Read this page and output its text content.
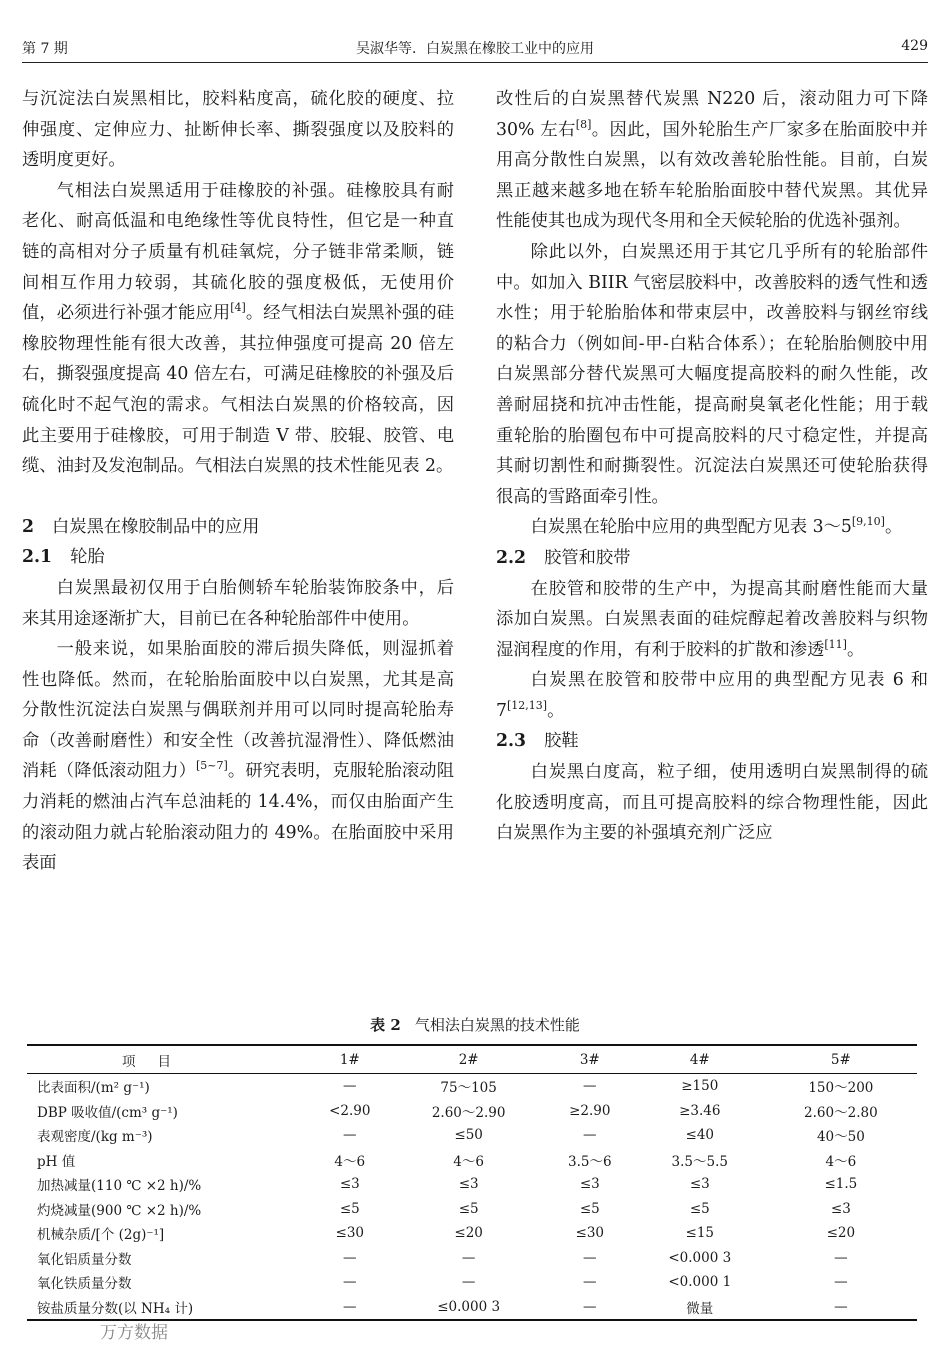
第 7 期	吴淑华等．白炭黑在橡胶工业中的应用	429

与沉淀法白炭黑相比，胶料粘度高，硫化胶的硬度、拉伸强度、定伸应力、扯断伸长率、撕裂强度以及胶料的透明度更好。

气相法白炭黑适用于硅橡胶的补强。硅橡胶具有耐老化、耐高低温和电绝缘性等优良特性，但它是一种直链的高相对分子质量有机硅氧烷，分子链非常柔顺，链间相互作用力较弱，其硫化胶的强度极低，无使用价值，必须进行补强才能应用[4]。经气相法白炭黑补强的硅橡胶物理性能有很大改善，其拉伸强度可提高 20 倍左右，撕裂强度提高 40 倍左右，可满足硅橡胶的补强及后硫化时不起气泡的需求。气相法白炭黑的价格较高，因此主要用于硅橡胶，可用于制造 V 带、胶辊、胶管、电缆、油封及发泡制品。气相法白炭黑的技术性能见表 2。

2 白炭黑在橡胶制品中的应用
2.1 轮胎

白炭黑最初仅用于白胎侧轿车轮胎装饰胶条中，后来其用途逐渐扩大，目前已在各种轮胎部件中使用。

一般来说，如果胎面胶的滞后损失降低，则湿抓着性也降低。然而，在轮胎胎面胶中以白炭黑，尤其是高分散性沉淀法白炭黑与偶联剂并用可以同时提高轮胎寿命（改善耐磨性）和安全性（改善抗湿滑性）、降低燃油消耗（降低滚动阻力）[5~7]。研究表明，克服轮胎滚动阻力消耗的燃油占汽车总油耗的 14.4%，而仅由胎面产生的滚动阻力就占轮胎滚动阻力的 49%。在胎面胶中采用表面

改性后的白炭黑替代炭黑 N220 后，滚动阻力可下降 30% 左右[8]。因此，国外轮胎生产厂家多在胎面胶中并用高分散性白炭黑，以有效改善轮胎性能。目前，白炭黑正越来越多地在轿车轮胎胎面胶中替代炭黑。其优异性能使其也成为现代冬用和全天候轮胎的优选补强剂。

除此以外，白炭黑还用于其它几乎所有的轮胎部件中。如加入 BIIR 气密层胶料中，改善胶料的透气性和透水性；用于轮胎胎体和带束层中，改善胶料与钢丝帘线的粘合力（例如间-甲-白粘合体系）；在轮胎胎侧胶中用白炭黑部分替代炭黑可大幅度提高胶料的耐久性能，改善耐屈挠和抗冲击性能，提高耐臭氧老化性能；用于载重轮胎的胎圈包布中可提高胶料的尺寸稳定性，并提高其耐切割性和耐撕裂性。沉淀法白炭黑还可使轮胎获得很高的雪路面牵引性。

白炭黑在轮胎中应用的典型配方见表 3～5[9,10]。

2.2 胶管和胶带

在胶管和胶带的生产中，为提高其耐磨性能而大量添加白炭黑。白炭黑表面的硅烷醇起着改善胶料与织物湿润程度的作用，有利于胶料的扩散和渗透[11]。

白炭黑在胶管和胶带中应用的典型配方见表 6 和 7[12,13]。

2.3 胶鞋

白炭黑白度高，粒子细，使用透明白炭黑制得的硫化胶透明度高，而且可提高胶料的综合物理性能，因此白炭黑作为主要的补强填充剂广泛应

表 2 气相法白炭黑的技术性能
项目	1#	2#	3#	4#	5#
比表面积/(m² g⁻¹)	—	75～105	—	≥150	150～200
DBP 吸收值/(cm³ g⁻¹)	<2.90	2.60～2.90	≥2.90	≥3.46	2.60～2.80
表观密度/(kg m⁻³)	—	≤50	—	≤40	40～50
pH 值	4～6	4～6	3.5～6	3.5～5.5	4～6
加热减量(110 ℃ ×2 h)/%	≤3	≤3	≤3	≤3	≤1.5
灼烧减量(900 ℃ ×2 h)/%	≤5	≤5	≤5	≤5	≤3
机械杂质/[个 (2g)⁻¹]	≤30	≤20	≤30	≤15	≤20
氧化铝质量分数	—	—	—	<0.000 3	—
氧化铁质量分数	—	—	—	<0.000 1	—
铵盐质量分数(以 NH₄ 计)	—	≤0.000 3	—	微量	—
万方数据
